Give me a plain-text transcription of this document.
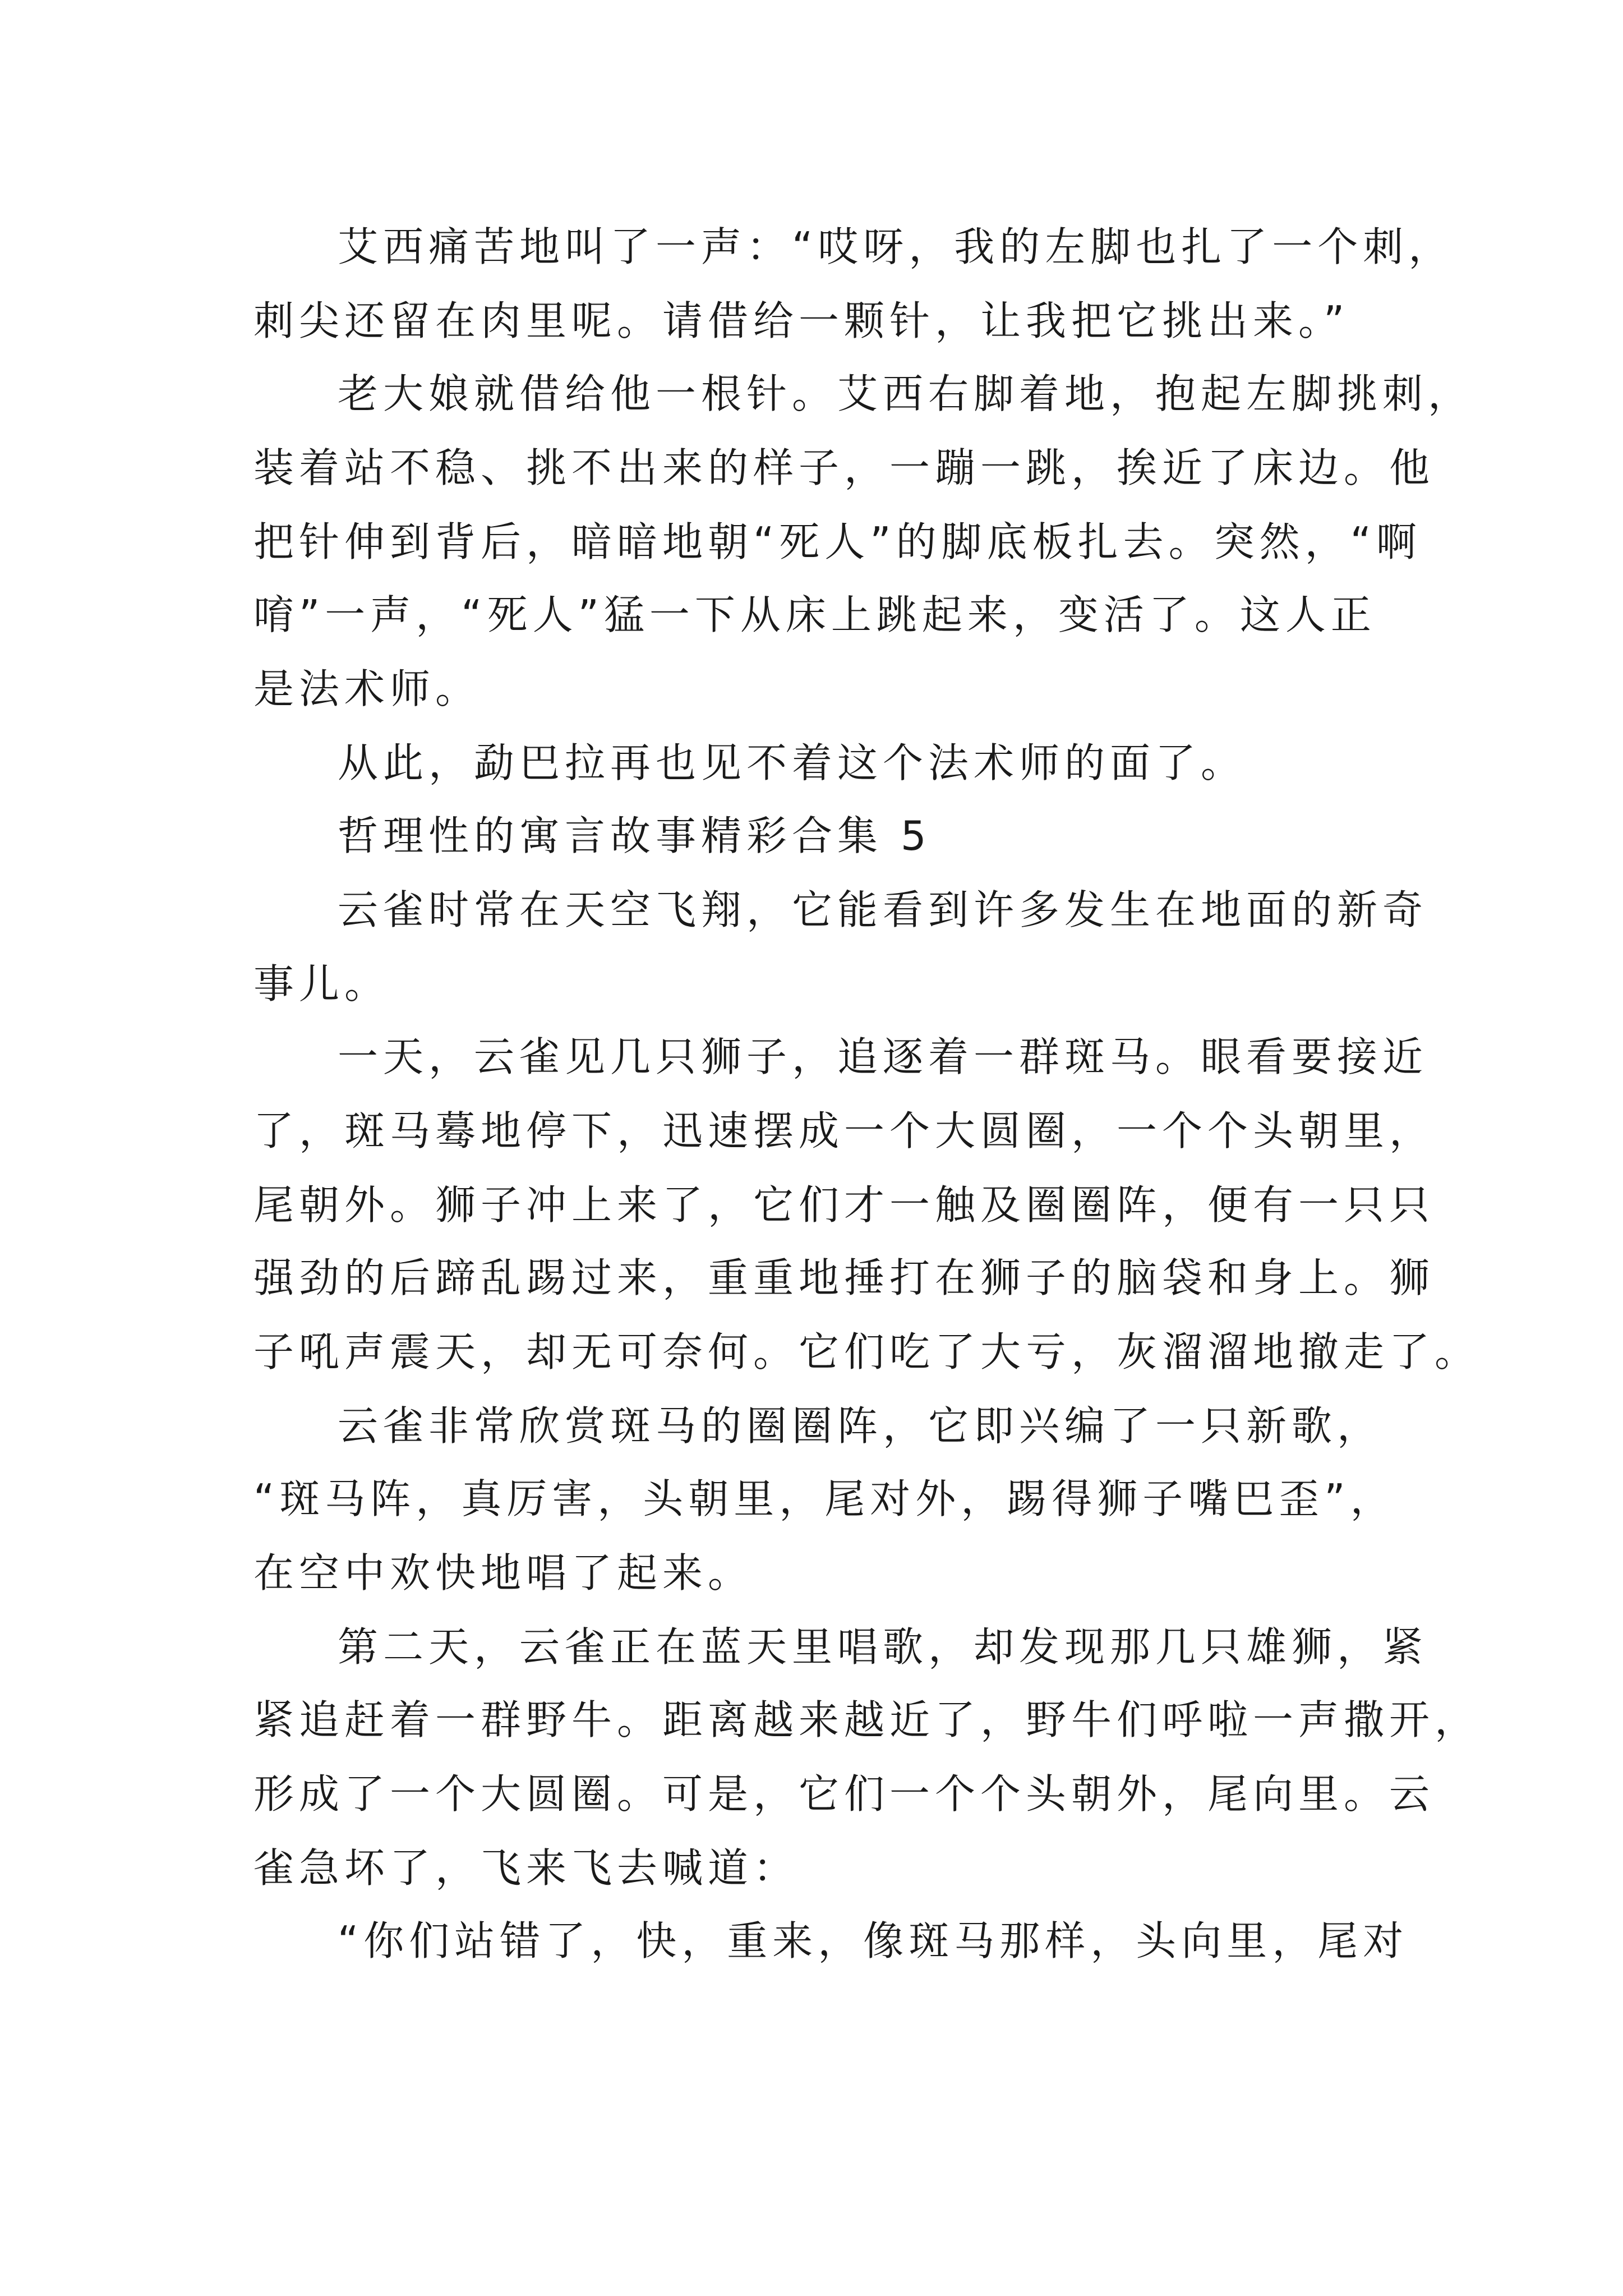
艾西痛苦地叫了一声：“哎呀，我的左脚也扎了一个刺，

刺尖还留在肉里呢。请借给一颗针，让我把它挑出来。”

老大娘就借给他一根针。艾西右脚着地，抱起左脚挑刺，

装着站不稳、挑不出来的样子，一蹦一跳，挨近了床边。他

把针伸到背后，暗暗地朝“死人”的脚底板扎去。突然，“啊

唷”一声，“死人”猛一下从床上跳起来，变活了。这人正

是法术师。

从此，勐巴拉再也见不着这个法术师的面了。

哲理性的寓言故事精彩合集 5

云雀时常在天空飞翔，它能看到许多发生在地面的新奇

事儿。

一天，云雀见几只狮子，追逐着一群斑马。眼看要接近

了，斑马蓦地停下，迅速摆成一个大圆圈，一个个头朝里，

尾朝外。狮子冲上来了，它们才一触及圈圈阵，便有一只只

强劲的后蹄乱踢过来，重重地捶打在狮子的脑袋和身上。狮

子吼声震天，却无可奈何。它们吃了大亏，灰溜溜地撤走了。

云雀非常欣赏斑马的圈圈阵，它即兴编了一只新歌，

“斑马阵，真厉害，头朝里，尾对外，踢得狮子嘴巴歪”，

在空中欢快地唱了起来。

第二天，云雀正在蓝天里唱歌，却发现那几只雄狮，紧

紧追赶着一群野牛。距离越来越近了，野牛们呼啦一声撒开，

形成了一个大圆圈。可是，它们一个个头朝外，尾向里。云

雀急坏了，飞来飞去喊道：

“你们站错了，快，重来，像斑马那样，头向里，尾对
